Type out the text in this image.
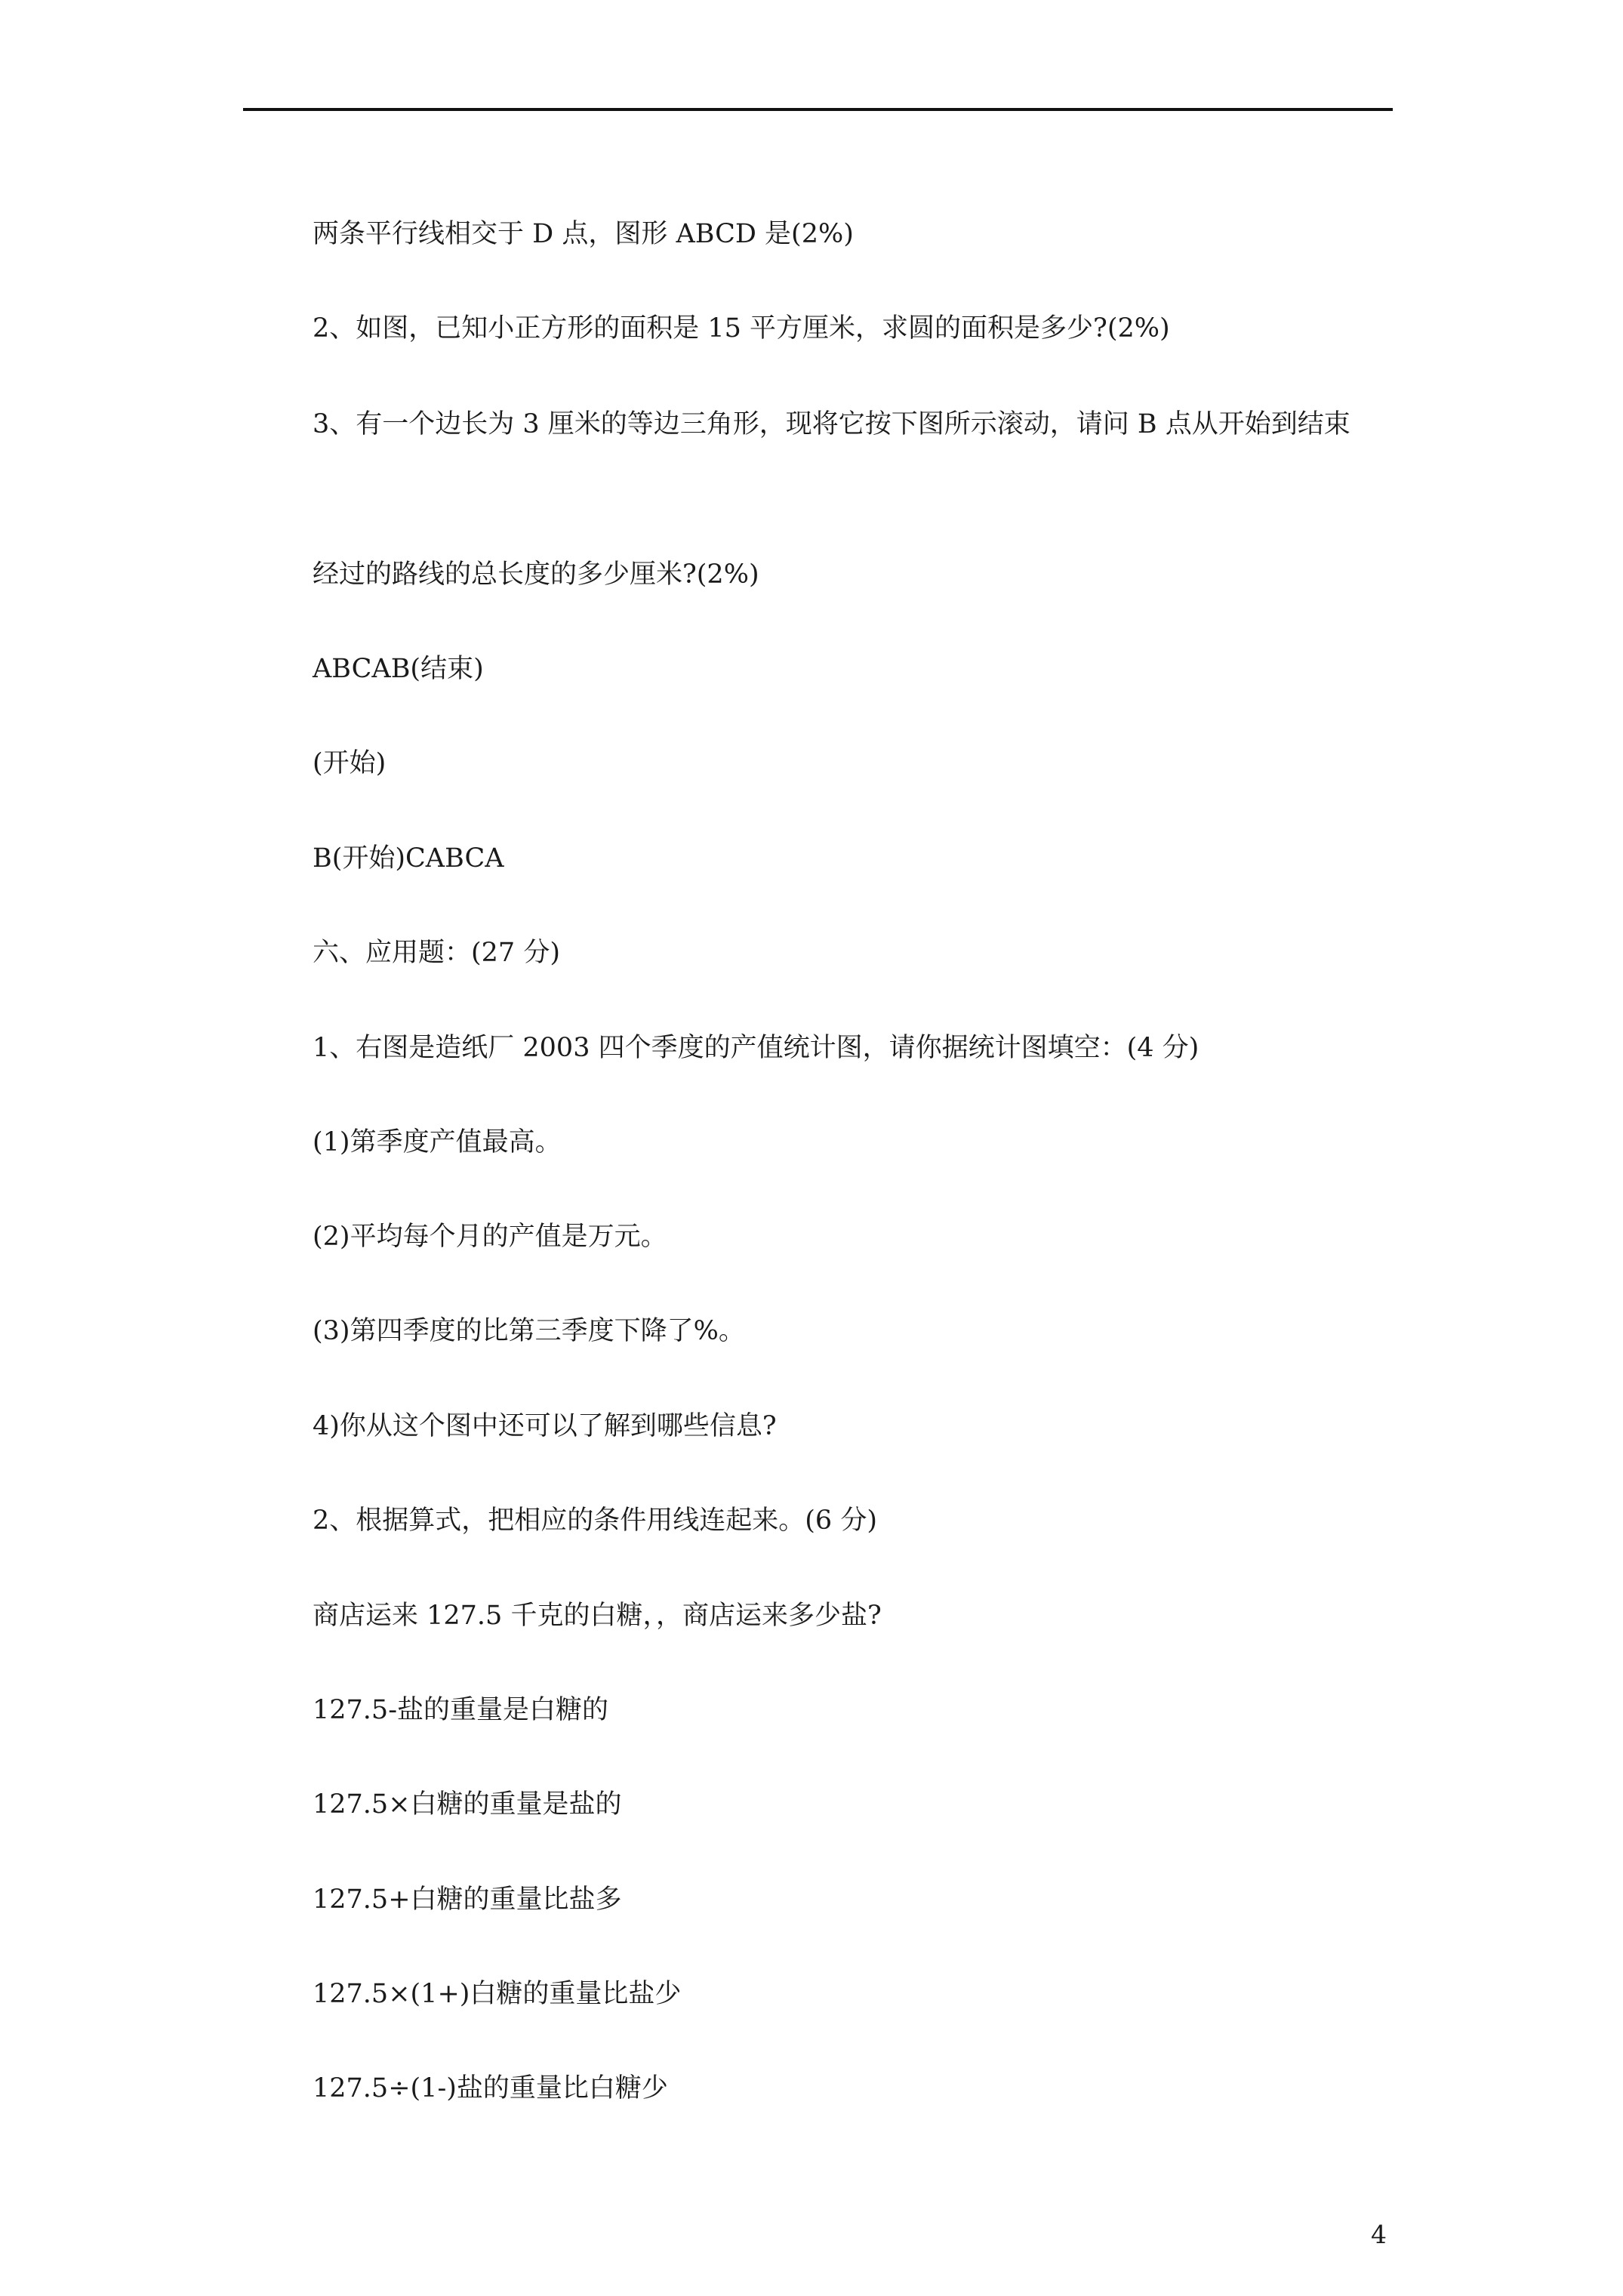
两条平行线相交于 D 点，图形 ABCD 是(2%)
2、如图，已知小正方形的面积是 15 平方厘米，求圆的面积是多少?(2%)
3、有一个边长为 3 厘米的等边三角形，现将它按下图所示滚动，请问 B 点从开始到结束
经过的路线的总长度的多少厘米?(2%)
ABCAB(结束)
(开始)
B(开始)CABCA
六、应用题：(27 分)
1、右图是造纸厂 2003 四个季度的产值统计图，请你据统计图填空：(4 分)
(1)第季度产值最高。
(2)平均每个月的产值是万元。
(3)第四季度的比第三季度下降了%。
4)你从这个图中还可以了解到哪些信息?
2、根据算式，把相应的条件用线连起来。(6 分)
商店运来 127.5 千克的白糖，，商店运来多少盐?
127.5-盐的重量是白糖的
127.5×白糖的重量是盐的
127.5+白糖的重量比盐多
127.5×(1+)白糖的重量比盐少
127.5÷(1-)盐的重量比白糖少
4
